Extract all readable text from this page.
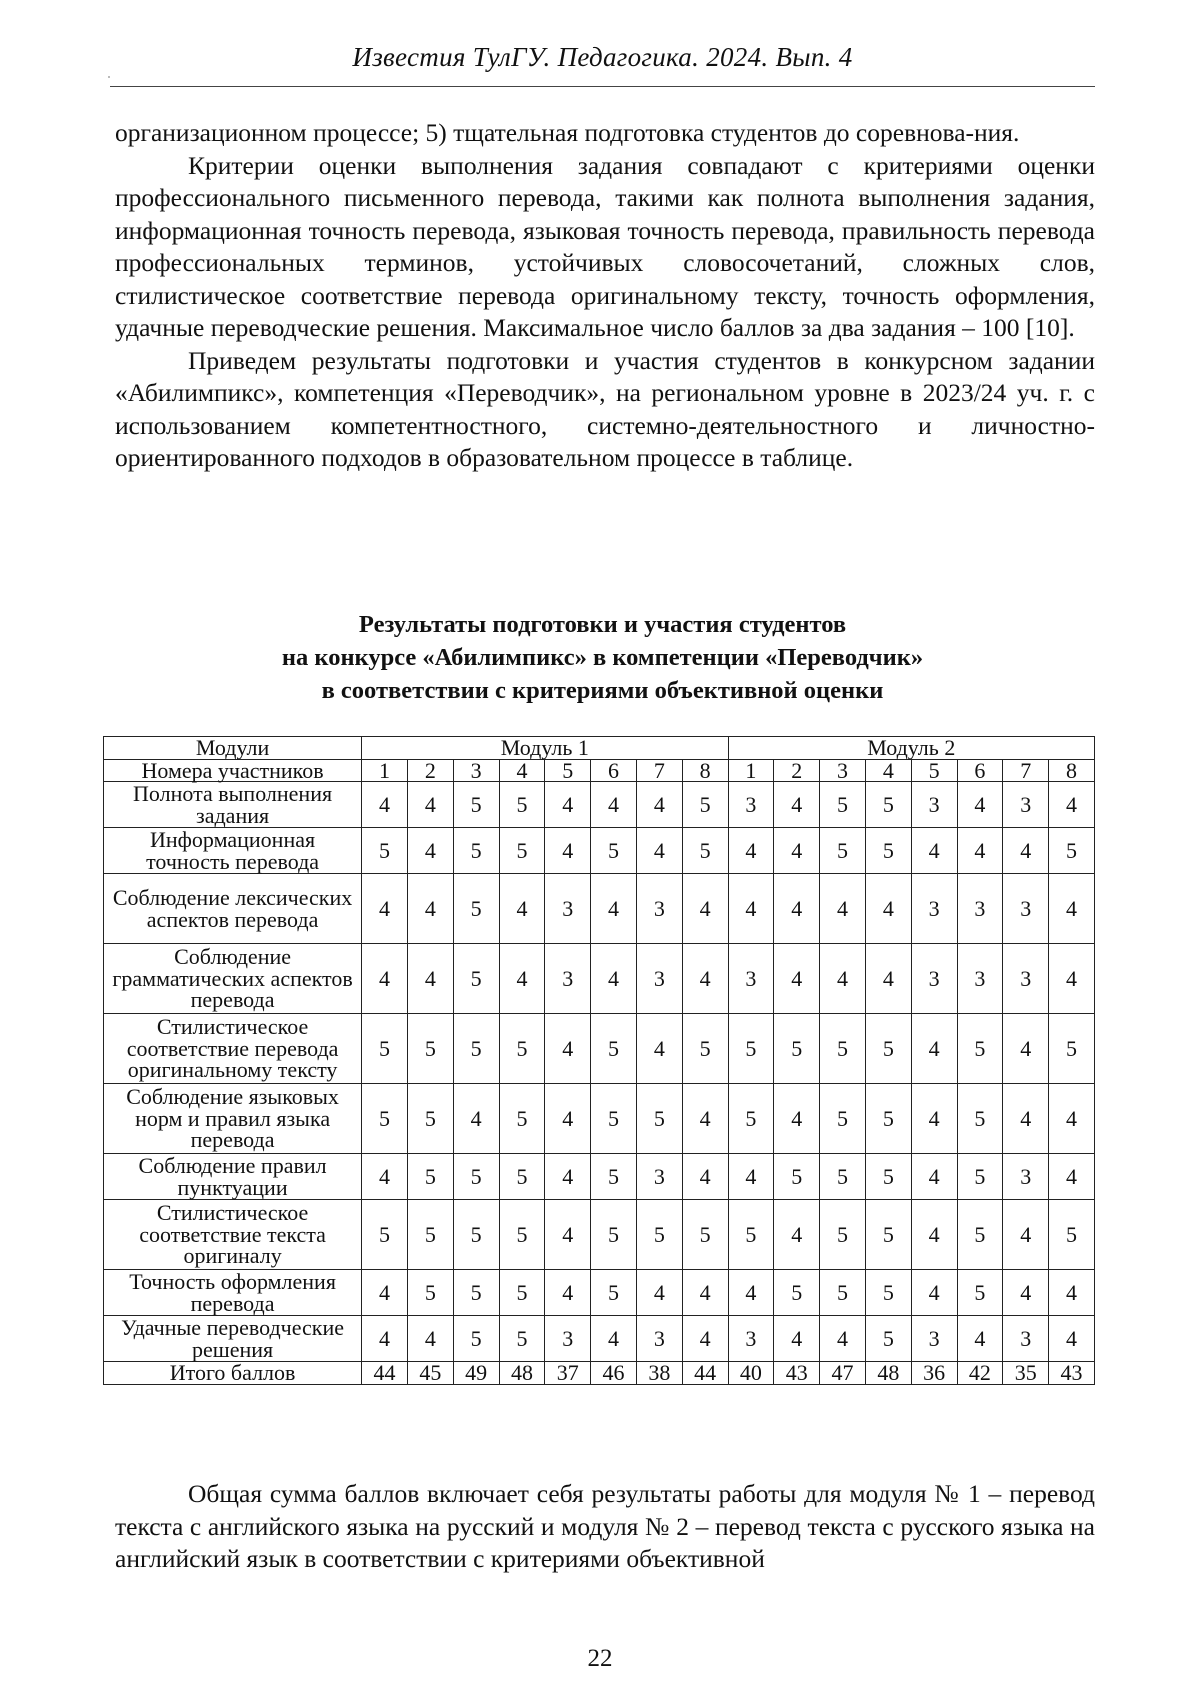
Известия ТулГУ. Педагогика. 2024. Вып. 4

организационном процессе; 5) тщательная подготовка студентов до соревнова-ния.

Критерии оценки выполнения задания совпадают с критериями оценки профессионального письменного перевода, такими как полнота выполнения задания, информационная точность перевода, языковая точность перевода, правильность перевода профессиональных терминов, устойчивых словосочетаний, сложных слов, стилистическое соответствие перевода оригинальному тексту, точность оформления, удачные переводческие решения. Максимальное число баллов за два задания – 100 [10].

Приведем результаты подготовки и участия студентов в конкурсном задании «Абилимпикс», компетенция «Переводчик», на региональном уровне в 2023/24 уч. г. с использованием компетентностного, системно-деятельностного и личностно-ориентированного подходов в образовательном процессе в таблице.

Результаты подготовки и участия студентов
на конкурсе «Абилимпикс» в компетенции «Переводчик»
в соответствии с критериями объективной оценки
Модули	Модуль 1								Модуль 2							
Номера участников	1	2	3	4	5	6	7	8	1	2	3	4	5	6	7	8
Полнота выполнения задания	4	4	5	5	4	4	4	5	3	4	5	5	3	4	3	4
Информационная точность перевода	5	4	5	5	4	5	4	5	4	4	5	5	4	4	4	5
Соблюдение лексических аспектов перевода	4	4	5	4	3	4	3	4	4	4	4	4	3	3	3	4
Соблюдение грамматических аспектов перевода	4	4	5	4	3	4	3	4	3	4	4	4	3	3	3	4
Стилистическое соответствие перевода оригинальному тексту	5	5	5	5	4	5	4	5	5	5	5	5	4	5	4	5
Соблюдение языковых норм и правил языка перевода	5	5	4	5	4	5	5	4	5	4	5	5	4	5	4	4
Соблюдение правил пунктуации	4	5	5	5	4	5	3	4	4	5	5	5	4	5	3	4
Стилистическое соответствие текста оригиналу	5	5	5	5	4	5	5	5	5	4	5	5	4	5	4	5
Точность оформления перевода	4	5	5	5	4	5	4	4	4	5	5	5	4	5	4	4
Удачные переводческие решения	4	4	5	5	3	4	3	4	3	4	4	5	3	4	3	4
Итого баллов	44	45	49	48	37	46	38	44	40	43	47	48	36	42	35	43
Общая сумма баллов включает себя результаты работы для модуля № 1 – перевод текста с английского языка на русский и модуля № 2 – перевод текста с русского языка на английский язык в соответствии с критериями объективной
22
